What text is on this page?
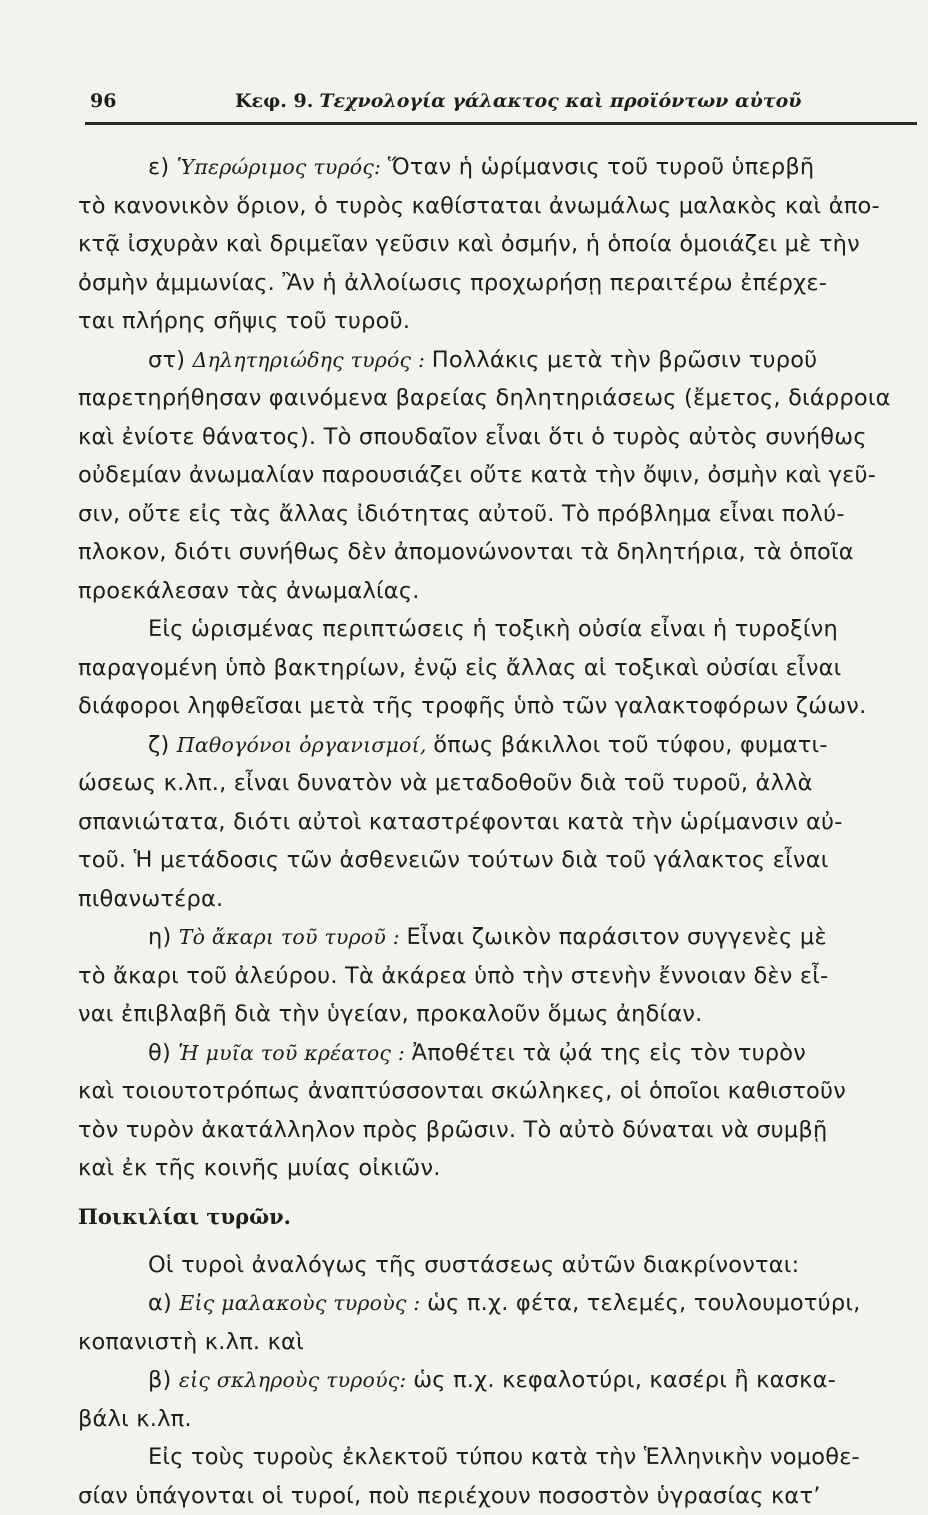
96	Κεφ. 9. Τεχνολογία γάλακτος καὶ προϊόντων αὐτοῦ
ε) Ὑπερώριμος τυρός: Ὅταν ἡ ὡρίμανσις τοῦ τυροῦ ὑπερβῆ
τὸ κανονικὸν ὅριον, ὁ τυρὸς καθίσταται ἀνωμάλως μαλακὸς καὶ ἀπο-
κτᾷ ἰσχυρὰν καὶ δριμεῖαν γεῦσιν καὶ ὀσμήν, ἡ ὁποία ὁμοιάζει μὲ τὴν
ὀσμὴν ἀμμωνίας. Ἂν ἡ ἀλλοίωσις προχωρήσῃ περαιτέρω ἐπέρχε-
ται πλήρης σῆψις τοῦ τυροῦ.
στ) Δηλητηριώδης τυρός : Πολλάκις μετὰ τὴν βρῶσιν τυροῦ
παρετηρήθησαν φαινόμενα βαρείας δηλητηριάσεως (ἔμετος, διάρροια
καὶ ἐνίοτε θάνατος). Τὸ σπουδαῖον εἶναι ὅτι ὁ τυρὸς αὐτὸς συνήθως
οὐδεμίαν ἀνωμαλίαν παρουσιάζει οὔτε κατὰ τὴν ὄψιν, ὀσμὴν καὶ γεῦ-
σιν, οὔτε εἰς τὰς ἄλλας ἰδιότητας αὐτοῦ. Τὸ πρόβλημα εἶναι πολύ-
πλοκον, διότι συνήθως δὲν ἀπομονώνονται τὰ δηλητήρια, τὰ ὁποῖα
προεκάλεσαν τὰς ἀνωμαλίας.
Εἰς ὡρισμένας περιπτώσεις ἡ τοξικὴ οὐσία εἶναι ἡ τυροξίνη
παραγομένη ὑπὸ βακτηρίων, ἐνῷ εἰς ἄλλας αἱ τοξικαὶ οὐσίαι εἶναι
διάφοροι ληφθεῖσαι μετὰ τῆς τροφῆς ὑπὸ τῶν γαλακτοφόρων ζώων.
ζ) Παθογόνοι ὀργανισμοί, ὅπως βάκιλλοι τοῦ τύφου, φυματι-
ώσεως κ.λπ., εἶναι δυνατὸν νὰ μεταδοθοῦν διὰ τοῦ τυροῦ, ἀλλὰ
σπανιώτατα, διότι αὐτοὶ καταστρέφονται κατὰ τὴν ὡρίμανσιν αὐ-
τοῦ. Ἡ μετάδοσις τῶν ἀσθενειῶν τούτων διὰ τοῦ γάλακτος εἶναι
πιθανωτέρα.
η) Τὸ ἄκαρι τοῦ τυροῦ : Εἶναι ζωικὸν παράσιτον συγγενὲς μὲ
τὸ ἄκαρι τοῦ ἀλεύρου. Τὰ ἀκάρεα ὑπὸ τὴν στενὴν ἔννοιαν δὲν εἶ-
ναι ἐπιβλαβῆ διὰ τὴν ὑγείαν, προκαλοῦν ὅμως ἀηδίαν.
θ) Ἡ μυῖα τοῦ κρέατος : Ἀποθέτει τὰ ᾠά της εἰς τὸν τυρὸν
καὶ τοιουτοτρόπως ἀναπτύσσονται σκώληκες, οἱ ὁποῖοι καθιστοῦν
τὸν τυρὸν ἀκατάλληλον πρὸς βρῶσιν. Τὸ αὐτὸ δύναται νὰ συμβῇ
καὶ ἐκ τῆς κοινῆς μυίας οἰκιῶν.
Ποικιλίαι τυρῶν.
Οἱ τυροὶ ἀναλόγως τῆς συστάσεως αὐτῶν διακρίνονται:
α) Εἰς μαλακοὺς τυροὺς : ὡς π.χ. φέτα, τελεμές, τουλουμοτύρι,
κοπανιστὴ κ.λπ. καὶ
β) εἰς σκληροὺς τυρούς: ὡς π.χ. κεφαλοτύρι, κασέρι ἢ κασκα-
βάλι κ.λπ.
Εἰς τοὺς τυροὺς ἐκλεκτοῦ τύπου κατὰ τὴν Ἑλληνικὴν νομοθε-
σίαν ὑπάγονται οἱ τυροί, ποὺ περιέχουν ποσοστὸν ὑγρασίας κατ’
